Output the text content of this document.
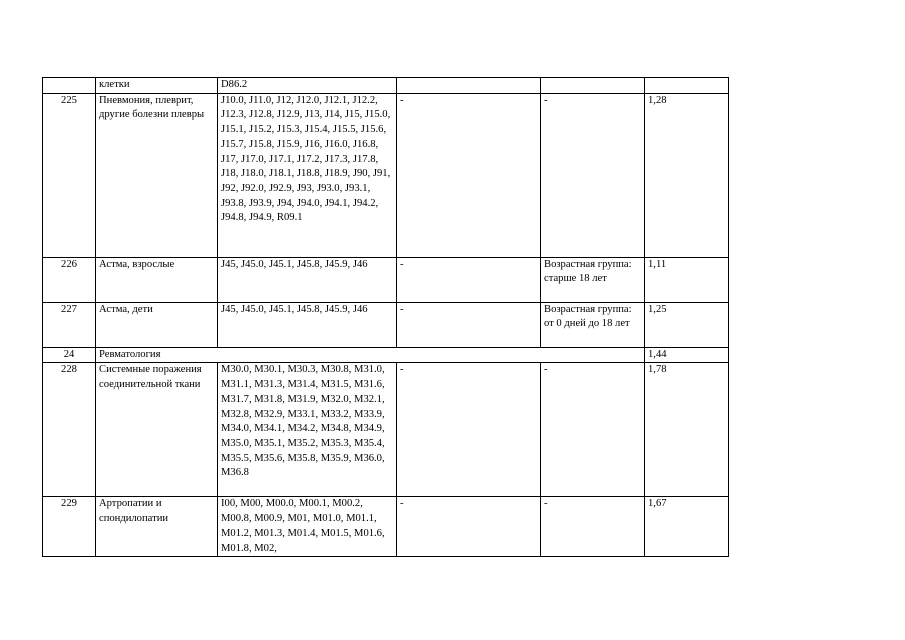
	клетки	D86.2			
225	Пневмония, плеврит, другие болезни плевры	J10.0, J11.0, J12, J12.0, J12.1, J12.2, J12.3, J12.8, J12.9, J13, J14, J15, J15.0, J15.1, J15.2, J15.3, J15.4, J15.5, J15.6, J15.7, J15.8, J15.9, J16, J16.0, J16.8, J17, J17.0, J17.1, J17.2, J17.3, J17.8, J18, J18.0, J18.1, J18.8, J18.9, J90, J91, J92, J92.0, J92.9, J93, J93.0, J93.1, J93.8, J93.9, J94, J94.0, J94.1, J94.2, J94.8, J94.9, R09.1	-	-	1,28
226	Астма, взрослые	J45, J45.0, J45.1, J45.8, J45.9, J46	-	Возрастная группа: старше 18 лет	1,11
227	Астма, дети	J45, J45.0, J45.1, J45.8, J45.9, J46	-	Возрастная группа: от 0 дней до 18 лет	1,25
24	Ревматология				1,44
228	Системные поражения соединительной ткани	M30.0, M30.1, M30.3, M30.8, M31.0, M31.1, M31.3, M31.4, M31.5, M31.6, M31.7, M31.8, M31.9, M32.0, M32.1, M32.8, M32.9, M33.1, M33.2, M33.9, M34.0, M34.1, M34.2, M34.8, M34.9, M35.0, M35.1, M35.2, M35.3, M35.4, M35.5, M35.6, M35.8, M35.9, M36.0, M36.8	-	-	1,78
229	Артропатии и спондилопатии	I00, M00, M00.0, M00.1, M00.2, M00.8, M00.9, M01, M01.0, M01.1, M01.2, M01.3, M01.4, M01.5, M01.6, M01.8, M02,	-	-	1,67
